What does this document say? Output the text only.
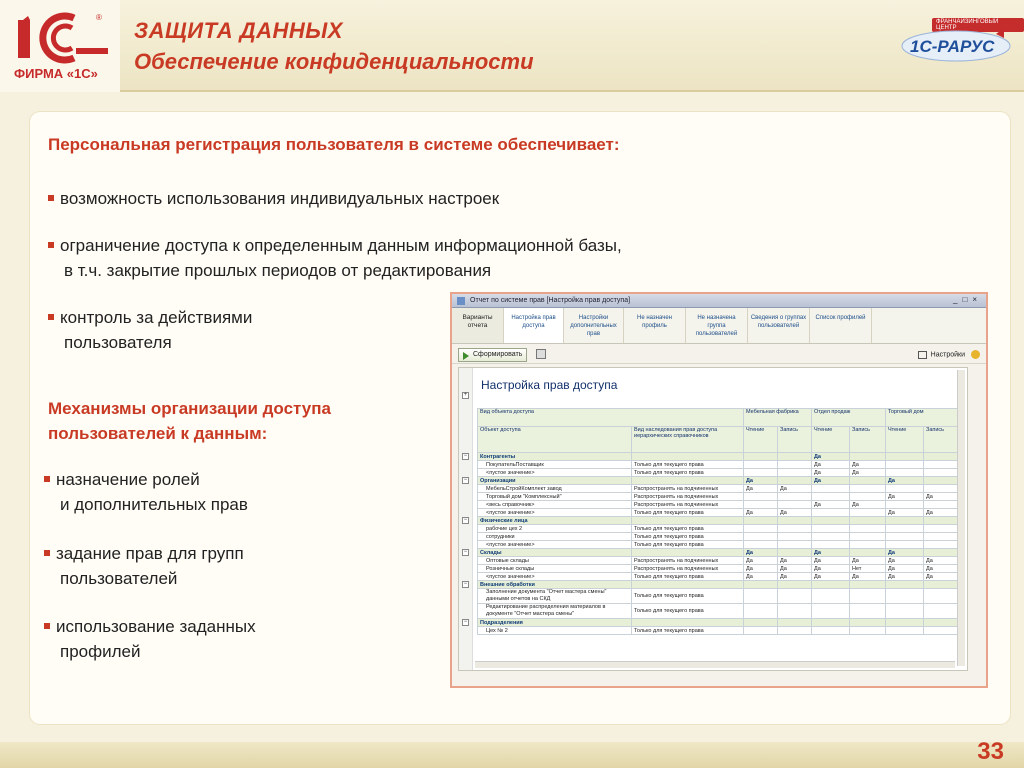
®
ФИРМА «1С»
ЗАЩИТА ДАННЫХ
Обеспечение конфиденциальности
ФРАНЧАЙЗИНГОВЫЙ ЦЕНТР
1С-РАРУС
Персональная регистрация пользователя в системе обеспечивает:
возможность использования индивидуальных настроек
ограничение доступа к определенным данным информационной базы,
в т.ч. закрытие прошлых периодов от редактирования
контроль за действиями
пользователя
Механизмы организации доступа пользователей к данным:
назначение ролей
и дополнительных прав
задание прав для групп
пользователей
использование заданных
профилей
Отчет по системе прав [Настройка прав доступа]	_□×
Варианты отчета
Настройка прав доступа
Настройки дополнительных прав
Не назначен профиль
Не назначена группа пользователей
Сведения о группах пользователей
Список профилей
Сформировать	Настройки
−
−
−
−
−
−
+
Настройка прав доступа
Вид объекта доступа		Мебельная фабрика		Отдел продаж		Торговый дом	
Объект доступа	Вид наследования прав доступа иерархических справочников	Чтение	Запись	Чтение	Запись	Чтение	Запись
Контрагенты				Да			
ПокупательПоставщик	Только для текущего права			Да	Да		
<пустое значение>	Только для текущего права			Да	Да		
Организации		Да		Да		Да	
МебельСтройКомплект завод	Распространять на подчиненных	Да	Да				
Торговый дом "Комплексный"	Распространять на подчиненных					Да	Да
<весь справочник>	Распространять на подчиненных			Да	Да		
<пустое значение>	Только для текущего права	Да	Да			Да	Да
Физические лица							
рабочие цех 2	Только для текущего права						
сотрудники	Только для текущего права						
<пустое значение>	Только для текущего права						
Склады		Да		Да		Да	
Оптовые склады	Распространять на подчиненных	Да	Да	Да	Да	Да	Да
Розничные склады	Распространять на подчиненных	Да	Да	Да	Нет	Да	Да
<пустое значение>	Только для текущего права	Да	Да	Да	Да	Да	Да
Внешние обработки							
Заполнение документа "Отчет мастера смены" данными отчетов на СКД	Только для текущего права						
Редактирование распределения материалов в документе "Отчет мастера смены"	Только для текущего права						
Подразделения							
Цех № 2	Только для текущего права						
33
